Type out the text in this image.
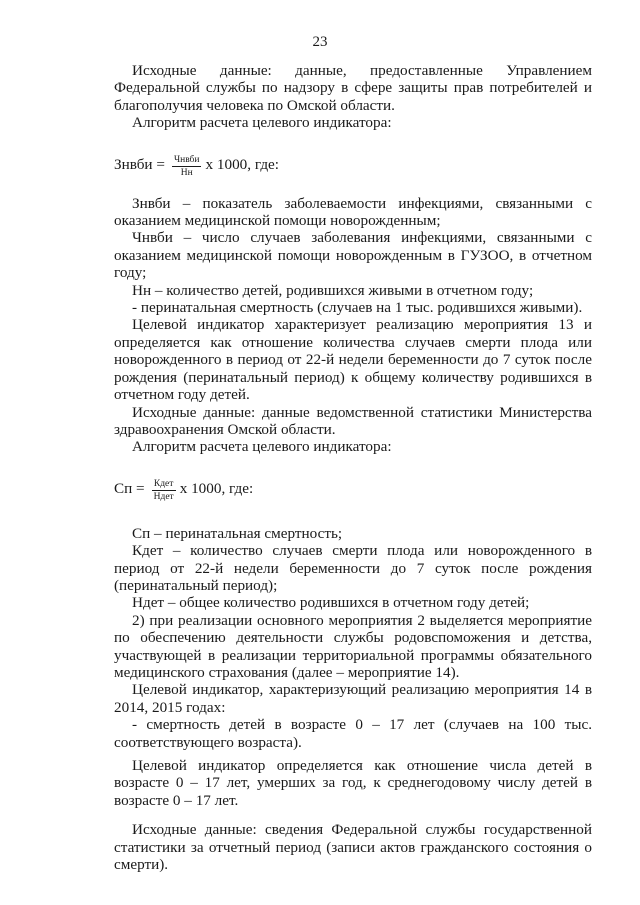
23

Исходные данные: данные, предоставленные Управлением Федеральной службы по надзору в сфере защиты прав потребителей и благополучия человека по Омской области.

Алгоритм расчета целевого индикатора:

Знвби = $\frac{\text{Чнвби}}{Нн}$ х 1000, где:

Знвби – показатель заболеваемости инфекциями, связанными с оказанием медицинской помощи новорожденным;

Чнвби – число случаев заболевания инфекциями, связанными с оказанием медицинской помощи новорожденным в ГУЗОО, в отчетном году;

Нн – количество детей, родившихся живыми в отчетном году;

- перинатальная смертность (случаев на 1 тыс. родившихся живыми).

Целевой индикатор характеризует реализацию мероприятия 13 и определяется как отношение количества случаев смерти плода или новорожденного в период от 22-й недели беременности до 7 суток после рождения (перинатальный период) к общему количеству родившихся в отчетном году детей.

Исходные данные: данные ведомственной статистики Министерства здравоохранения Омской области.

Алгоритм расчета целевого индикатора:

Сп = $\frac{\text{Кдет}}{\text{Ндет}}$ х 1000, где:

Сп – перинатальная смертность;

Кдет – количество случаев смерти плода или новорожденного в период от 22-й недели беременности до 7 суток после рождения (перинатальный период);

Ндет – общее количество родившихся в отчетном году детей;

2) при реализации основного мероприятия 2 выделяется мероприятие по обеспечению деятельности службы родовспоможения и детства, участвующей в реализации территориальной программы обязательного медицинского страхования (далее – мероприятие 14).

Целевой индикатор, характеризующий реализацию мероприятия 14 в 2014, 2015 годах:

- смертность детей в возрасте 0 – 17 лет (случаев на 100 тыс. соответствующего возраста).

Целевой индикатор определяется как отношение числа детей в возрасте 0 – 17 лет, умерших за год, к среднегодовому числу детей в возрасте 0 – 17 лет.

Исходные данные: сведения Федеральной службы государственной статистики за отчетный период (записи актов гражданского состояния о смерти).
